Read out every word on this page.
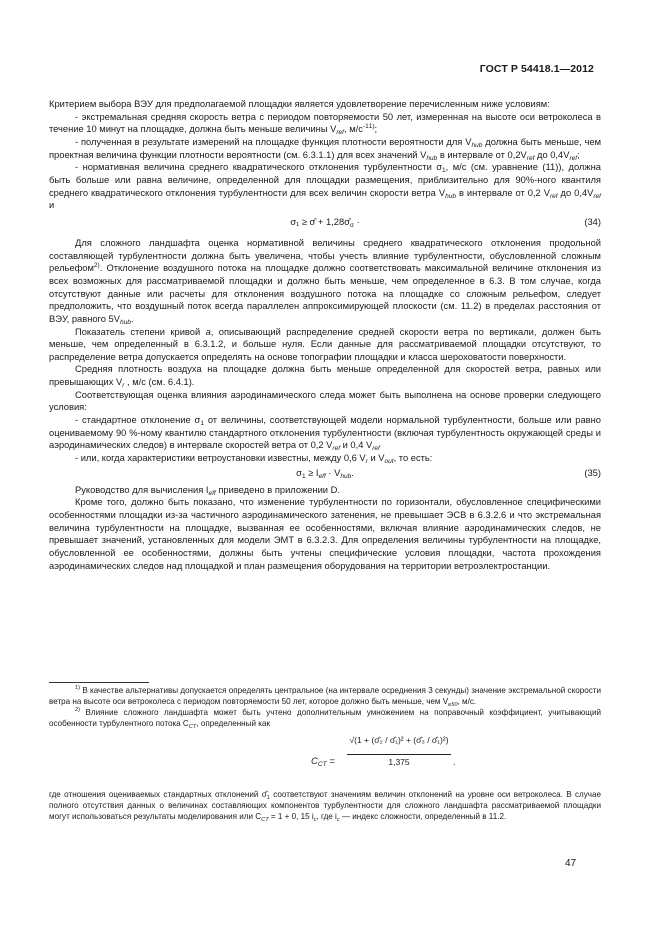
ГОСТ Р 54418.1—2012

Критерием выбора ВЭУ для предполагаемой площадки является удовлетворение перечисленным ниже условиям:

- экстремальная средняя скорость ветра с периодом повторяемости 50 лет, измеренная на высоте оси ветроколеса в течение 10 минут на площадке, должна быть меньше величины $V_{ref}$, $м/с^{-11)}$;

- полученная в результате измерений на площадке функция плотности вероятности для $V_{hub}$ должна быть меньше, чем проектная величина функции плотности вероятности (см. 6.3.1.1) для всех значений $V_{hub}$ в интервале от $0,2V_{ref}$ до $0,4V_{ref}$;

- нормативная величина среднего квадратического отклонения турбулентности $\sigma_1$, м/с (см. уравнение (11)), должна быть больше или равна величине, определенной для площадки размещения, приблизительно для 90%-ного квантиля среднего квадратического отклонения турбулентности для всех величин скорости ветра $V_{hub}$ в интервале от 0,2 $V_{ref}$ до $0,4V_{ref}$ и

σ₁ ≥ σ̂ + $1,28\sigmâ_\sigma$ ·	(34)

Для сложного ландшафта оценка нормативной величины среднего квадратического отклонения продольной составляющей турбулентности должна быть увеличена, чтобы учесть влияние турбулентности, обусловленной сложным рельефом$^{2)}$. Отклонение воздушного потока на площадке должно соответствовать максимальной величине отклонения из всех возможных для рассматриваемой площадки и должно быть меньше, чем определенное в 6.3. В том случае, когда отсутствуют данные или расчеты для отклонения воздушного потока на площадке со сложным рельефом, следует предположить, что воздушный поток всегда параллелен аппроксимирующей плоскости (см. 11.2) в пределах расстояния от ВЭУ, равного $5V_{hub}$.

Показатель степени кривой a, описывающий распределение средней скорости ветра по вертикали, должен быть меньше, чем определенный в 6.3.1.2, и больше нуля. Если данные для рассматриваемой площадки отсутствуют, то распределение ветра допускается определять на основе топографии площадки и класса шероховатости поверхности.

Средняя плотность воздуха на площадке должна быть меньше определенной для скоростей ветра, равных или превышающих $V_r$ , м/с (см. 6.4.1).

Соответствующая оценка влияния аэродинамического следа может быть выполнена на основе проверки следующего условия:

- стандартное отклонение $\sigma_1$ от величины, соответствующей модели нормальной турбулентности, больше или равно оцениваемому 90 %-ному квантилю стандартного отклонения турбулентности (включая турбулентность окружающей среды и аэродинамических следов) в интервале скоростей ветра от 0,2 $V_{ref}$ и 0,4 $V_{ref}$

- или, когда характеристики ветроустановки известны, между 0,6 $V_r$ и $V_{out}$, то есть:

$\sigma_1 \ge I_{eff} \cdot V_{hub}$.	(35)

Руководство для вычисления $I_{eff}$ приведено в приложении D.

Кроме того, должно быть показано, что изменение турбулентности по горизонтали, обусловленное специфическими особенностями площадки из-за частичного аэродинамического затенения, не превышает ЭСВ в 6.3.2.6 и что экстремальная величина турбулентности на площадке, вызванная ее особенностями, включая влияние аэродинамических следов, не превышает значений, установленных для модели ЭМТ в 6.3.2.3. Для определения величины турбулентности на площадке, обусловленной ее особенностями, должны быть учтены специфические условия площадки, частота прохождения аэродинамических следов над площадкой и план размещения оборудования на территории ветроэлектростанции.

$^{1)}$ В качестве альтернативы допускается определять центральное (на интервале осреднения 3 секунды) значение экстремальной скорости ветра на высоте оси ветроколеса с периодом повторяемости 50 лет, которое должно быть меньше, чем $V_{e50}$, м/с.

$^{2)}$ Влияние сложного ландшафта может быть учтено дополнительным умножением на поправочный коэффициент, учитывающий особенности турбулентного потока $C_{CT}$, определенный как

$C_{CT} = \frac{\text{√(1 + (σ̂₂ / σ̂₁)² + (σ̂₃ / σ̂₁)²)}}{1,375}$ .

где отношения оцениваемых стандартных отклонений $\sigmâ_1$ соответствуют значениям величин отклонений на уровне оси ветроколеса. В случае полного отсутствия данных о величинах составляющих компонентов турбулентности для сложного ландшафта рассматриваемой площадки могут использоваться результаты моделирования или $C_{CT} = 1 + 0$, 15 $i_c$, где $i_c$ — индекс сложности, определенный в 11.2.

47
